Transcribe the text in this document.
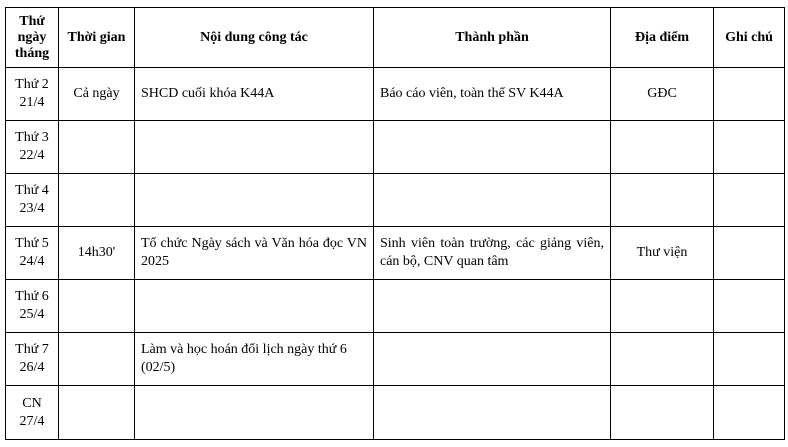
Thứ
ngày
tháng	Thời gian	Nội dung công tác	Thành phần	Địa điểm	Ghi chú

Thứ 2
21/4	Cả ngày	SHCD cuối khóa K44A	Báo cáo viên, toàn thể SV K44A	GĐC	

Thứ 3
22/4					

Thứ 4
23/4					

Thứ 5
24/4	14h30'	Tổ chức Ngày sách và Văn hóa đọc VN 2025	Sinh viên toàn trường, các giảng viên, cán bộ, CNV quan tâm	Thư viện	

Thứ 6
25/4					

Thứ 7
26/4		Làm và học hoán đổi lịch ngày thứ 6 (02/5)			

CN
27/4					
